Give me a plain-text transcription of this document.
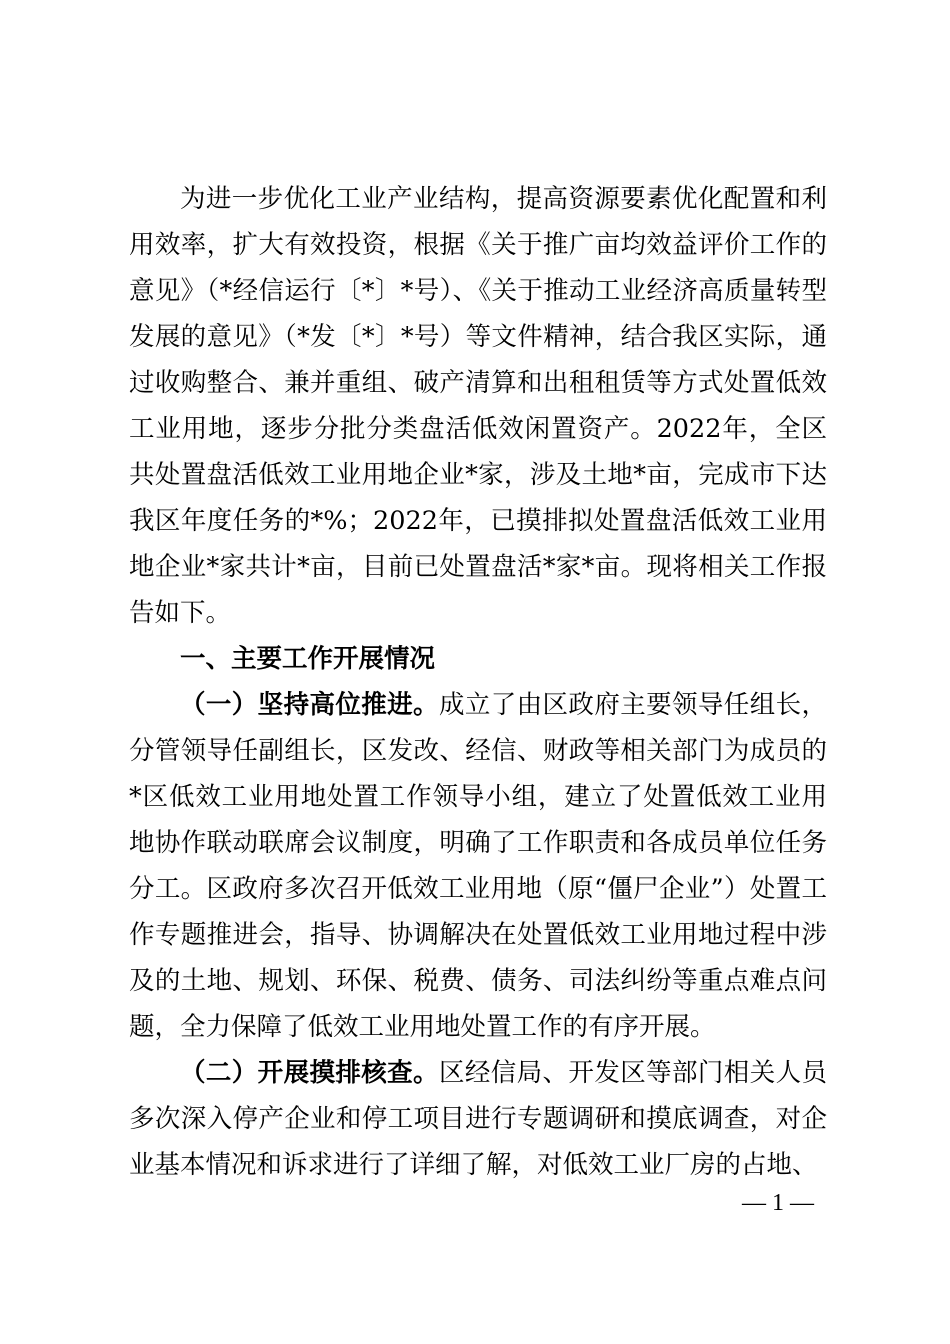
为进一步优化工业产业结构，提高资源要素优化配置和利用效率，扩大有效投资，根据《关于推广亩均效益评价工作的意见》（*经信运行〔*〕*号）、《关于推动工业经济高质量转型发展的意见》（*发〔*〕*号）等文件精神，结合我区实际，通过收购整合、兼并重组、破产清算和出租租赁等方式处置低效工业用地，逐步分批分类盘活低效闲置资产。2022年，全区共处置盘活低效工业用地企业*家，涉及土地*亩，完成市下达我区年度任务的*%；2022年，已摸排拟处置盘活低效工业用地企业*家共计*亩，目前已处置盘活*家*亩。现将相关工作报告如下。

一、主要工作开展情况

（一）坚持高位推进。成立了由区政府主要领导任组长，分管领导任副组长，区发改、经信、财政等相关部门为成员的*区低效工业用地处置工作领导小组，建立了处置低效工业用地协作联动联席会议制度，明确了工作职责和各成员单位任务分工。区政府多次召开低效工业用地（原“僵尸企业”）处置工作专题推进会，指导、协调解决在处置低效工业用地过程中涉及的土地、规划、环保、税费、债务、司法纠纷等重点难点问题，全力保障了低效工业用地处置工作的有序开展。

（二）开展摸排核查。区经信局、开发区等部门相关人员多次深入停产企业和停工项目进行专题调研和摸底调查，对企业基本情况和诉求进行了详细了解，对低效工业厂房的占地、

— 1 —
